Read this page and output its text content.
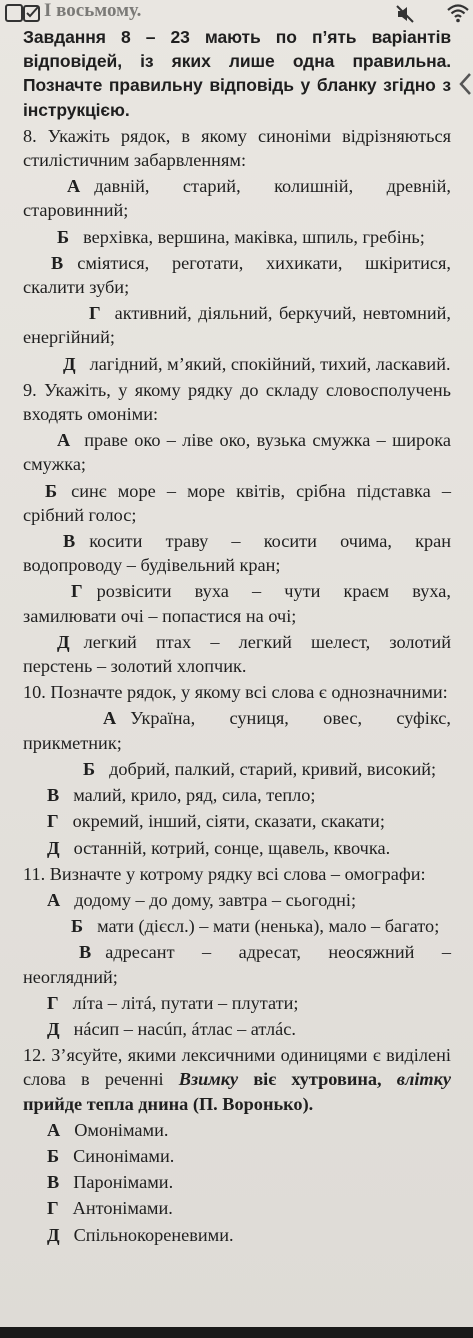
І восьмому.
Завдання 8 – 23 мають по п’ять варіантів відповідей, із яких лише одна правильна. Позначте правильну відповідь у бланку згідно з інструкцією.
8. Укажіть рядок, в якому синоніми відрізняються стилістичним забарвленням:
А давній, старий, колишній, древній, старовинний;
Б верхівка, вершина, маківка, шпиль, гребінь;
В сміятися, реготати, хихикати, шкіритися, скалити зуби;
Г активний, діяльний, беркучий, невтомний, енергійний;
Д лагідний, м’який, спокійний, тихий, ласкавий.
9. Укажіть, у якому рядку до складу словосполучень входять омоніми:
А праве око – ліве око, вузька смужка – широка смужка;
Б синє море – море квітів, срібна підставка – срібний голос;
В косити траву – косити очима, кран водопроводу – будівельний кран;
Г розвісити вуха – чути краєм вуха, замилювати очі – попастися на очі;
Д легкий птах – легкий шелест, золотий перстень – золотий хлопчик.
10. Позначте рядок, у якому всі слова є однозначними:
А Україна, суниця, овес, суфікс, прикметник;
Б добрий, палкий, старий, кривий, високий;
В малий, крило, ряд, сила, тепло;
Г окремий, інший, сіяти, сказати, скакати;
Д останній, котрий, сонце, щавель, квочка.
11. Визначте у котрому рядку всі слова – омографи:
А додому – до дому, завтра – сьогодні;
Б мати (дієсл.) – мати (ненька), мало – багато;
В адресант – адресат, неосяжний – неоглядний;
Г лíта – літá, путати – плутати;
Д нáсип – насúп, áтлас – атлáс.
12. З’ясуйте, якими лексичними одиницями є виділені слова в реченні Взимку віє хутровина, влітку прийде тепла днина (П. Воронько).
А Омонімами.
Б Синонімами.
В Паронімами.
Г Антонімами.
Д Спільнокореневими.
